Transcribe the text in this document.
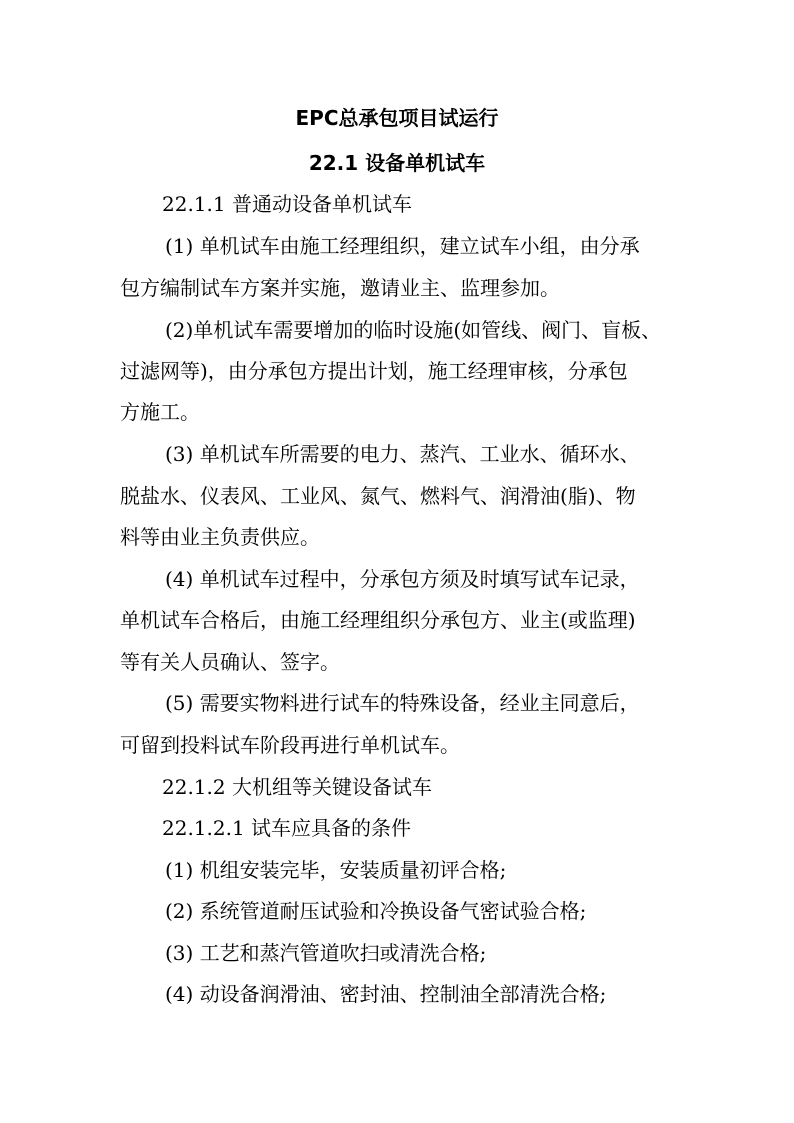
EPC总承包项目试运行
22.1 设备单机试车
22.1.1 普通动设备单机试车
(1) 单机试车由施工经理组织，建立试车小组，由分承
包方编制试车方案并实施，邀请业主、监理参加。
(2)单机试车需要增加的临时设施(如管线、阀门、盲板、
过滤网等)，由分承包方提出计划，施工经理审核，分承包
方施工。
(3) 单机试车所需要的电力、蒸汽、工业水、循环水、
脱盐水、仪表风、工业风、氮气、燃料气、润滑油(脂)、物
料等由业主负责供应。
(4) 单机试车过程中，分承包方须及时填写试车记录，
单机试车合格后，由施工经理组织分承包方、业主(或监理)
等有关人员确认、签字。
(5) 需要实物料进行试车的特殊设备，经业主同意后，
可留到投料试车阶段再进行单机试车。
22.1.2 大机组等关键设备试车
22.1.2.1 试车应具备的条件
(1) 机组安装完毕，安装质量初评合格;
(2) 系统管道耐压试验和冷换设备气密试验合格;
(3) 工艺和蒸汽管道吹扫或清洗合格;
(4) 动设备润滑油、密封油、控制油全部清洗合格;
